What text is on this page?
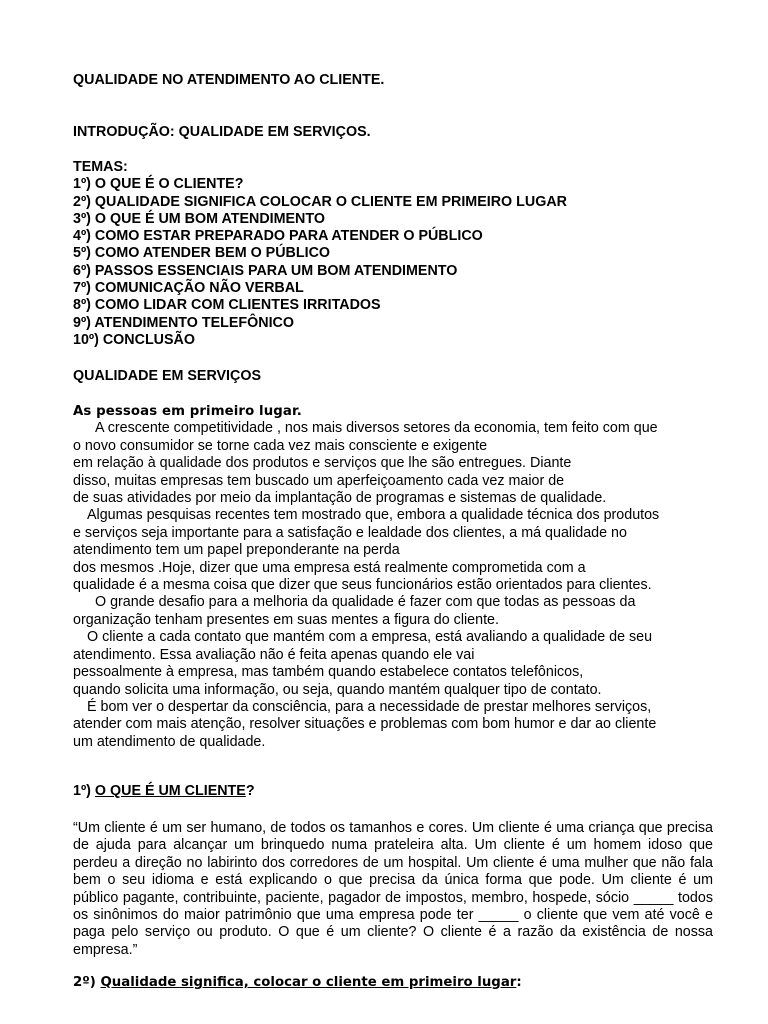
QUALIDADE NO ATENDIMENTO AO CLIENTE.
INTRODUÇÃO: QUALIDADE EM SERVIÇOS.
TEMAS:
1º) O QUE É O CLIENTE?
2º) QUALIDADE SIGNIFICA COLOCAR O CLIENTE EM PRIMEIRO LUGAR
3º) O QUE É UM BOM ATENDIMENTO
4º) COMO ESTAR PREPARADO PARA ATENDER O PÚBLICO
5º) COMO ATENDER BEM O PÚBLICO
6º) PASSOS ESSENCIAIS PARA UM BOM ATENDIMENTO
7º) COMUNICAÇÃO NÃO VERBAL
8º) COMO LIDAR COM CLIENTES IRRITADOS
9º) ATENDIMENTO TELEFÔNICO
10º) CONCLUSÃO
QUALIDADE EM SERVIÇOS
As pessoas em primeiro lugar.
A crescente competitividade , nos mais diversos setores da economia, tem feito com que
o novo consumidor se torne cada vez mais consciente e exigente
em relação à qualidade dos produtos e serviços que lhe são entregues. Diante
disso, muitas empresas tem buscado um aperfeiçoamento cada vez maior de
de suas atividades por meio da implantação de programas e sistemas de qualidade.
Algumas pesquisas recentes tem mostrado que, embora a qualidade técnica dos produtos
e serviços seja importante para a satisfação e lealdade dos clientes, a má qualidade no
atendimento tem um papel preponderante na perda
dos mesmos .Hoje, dizer que uma empresa está realmente comprometida com a
qualidade é a mesma coisa que dizer que seus funcionários estão orientados para clientes.
O grande desafio para a melhoria da qualidade é fazer com que todas as pessoas da
organização tenham presentes em suas mentes a figura do cliente.
O cliente a cada contato que mantém com a empresa, está avaliando a qualidade de seu
atendimento. Essa avaliação não é feita apenas quando ele vai
pessoalmente à empresa, mas também quando estabelece contatos telefônicos,
quando solicita uma informação, ou seja, quando mantém qualquer tipo de contato.
É bom ver o despertar da consciência, para a necessidade de prestar melhores serviços,
atender com mais atenção, resolver situações e problemas com bom humor e dar ao cliente
um atendimento de qualidade.
1º) O QUE É UM CLIENTE?
“Um cliente é um ser humano, de todos os tamanhos e cores. Um cliente é uma criança que precisa de ajuda para alcançar um brinquedo numa prateleira alta. Um cliente é um homem idoso que perdeu a direção no labirinto dos corredores de um hospital. Um cliente é uma mulher que não fala bem o seu idioma e está explicando o que precisa da única forma que pode. Um cliente é um público pagante, contribuinte, paciente, pagador de impostos, membro, hospede, sócio _____ todos os sinônimos do maior patrimônio que uma empresa pode ter _____ o cliente que vem até você e paga pelo serviço ou produto. O que é um cliente? O cliente é a razão da existência de nossa empresa.”
2º) Qualidade significa, colocar o cliente em primeiro lugar:
